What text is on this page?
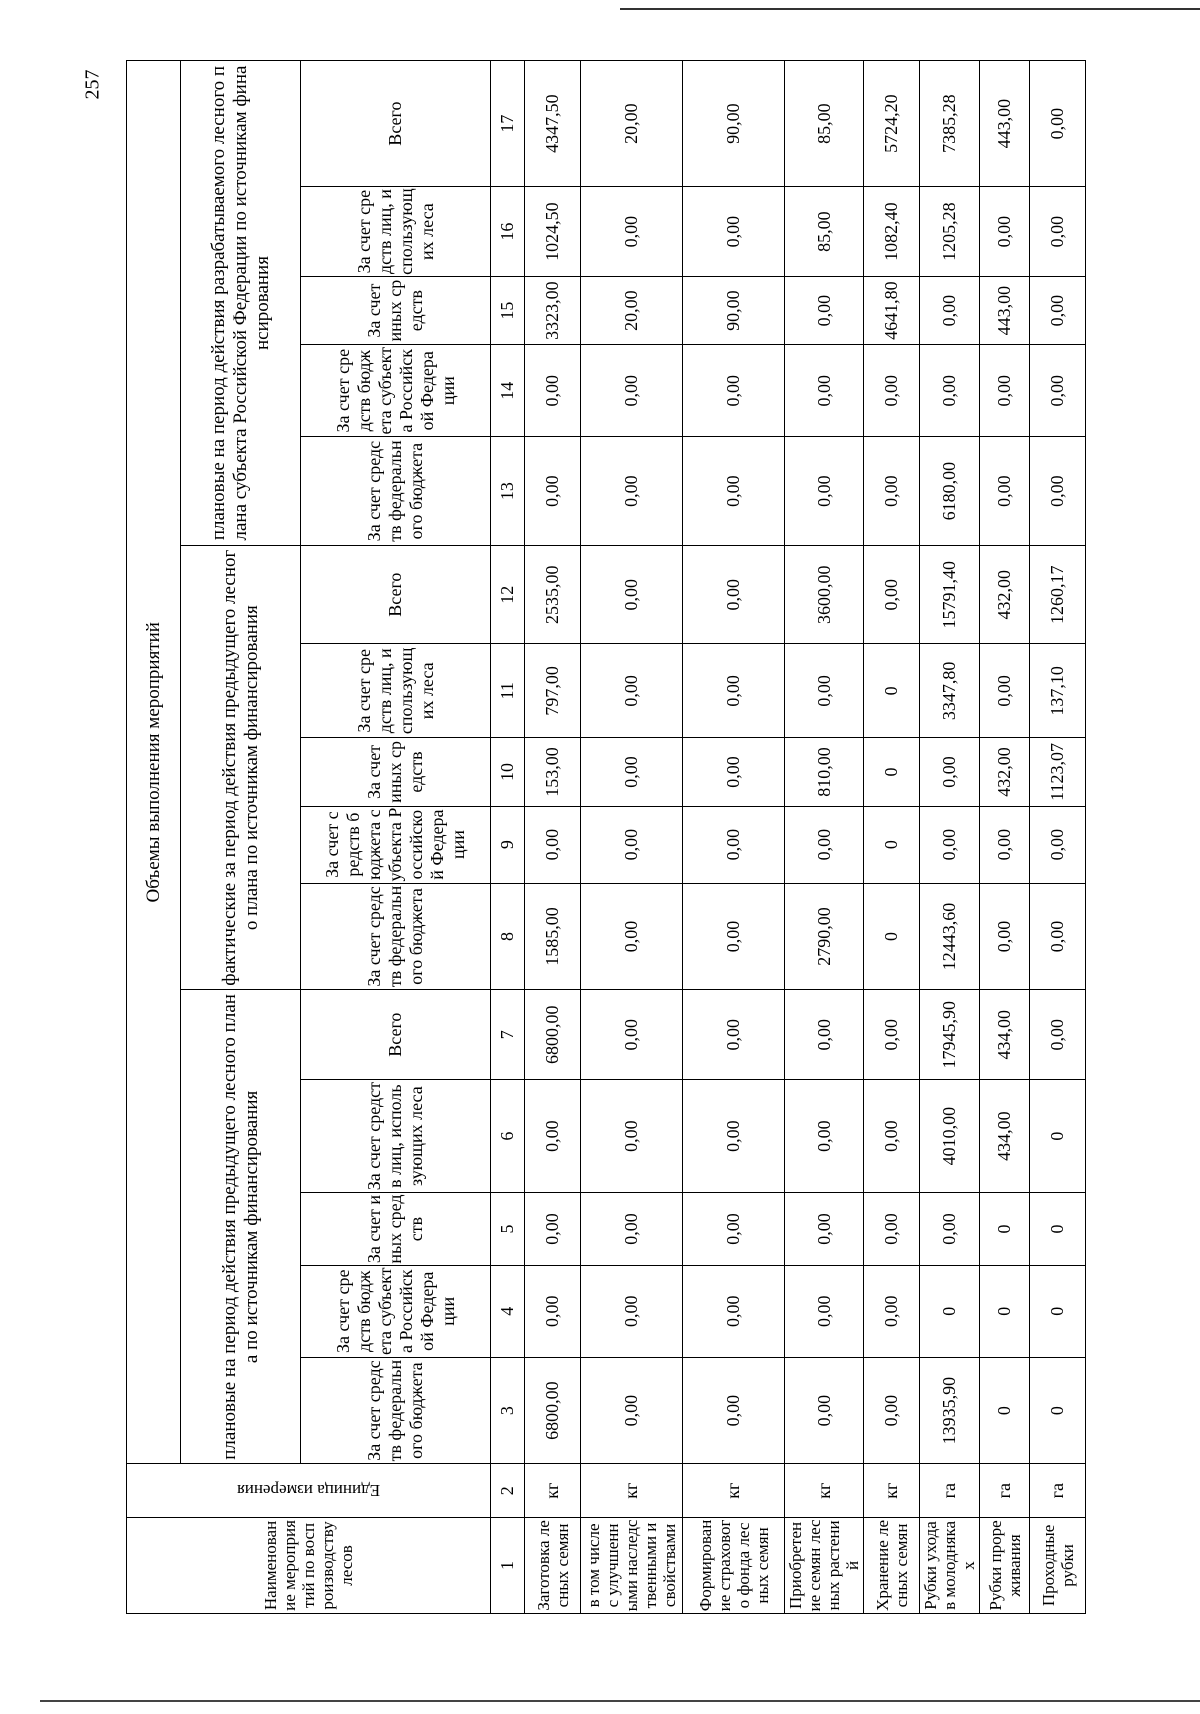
257
Наименование мероприятий по воспроизводству лесов	Единица измерения	Объемы выполнения мероприятий														
		плановые на период действия предыдущего лесного плана по источникам финансирования					фактические за период действия предыдущего лесного плана по источникам финансирования					плановые на период действия разрабатываемого лесного плана субъекта Российской Федерации по источникам финансирования				
		За счет средств федерального бюджета	За счет средств бюджета субъекта Российской Федерации	За счет иных средств	За счет средств лиц, использующих леса	Всего	За счет средств федерального бюджета	За счет средств бюджета субъекта Российской Федерации	За счет иных средств	За счет средств лиц, использующих леса	Всего	За счет средств федерального бюджета	За счет средств бюджета субъекта Российской Федерации	За счет иных средств	За счет средств лиц, использующих леса	Всего
1	2	3	4	5	6	7	8	9	10	11	12	13	14	15	16	17
Заготовка лесных семян	кг	6800,00	0,00	0,00	0,00	6800,00	1585,00	0,00	153,00	797,00	2535,00	0,00	0,00	3323,00	1024,50	4347,50
в том числе с улучшенными наследственными и свойствами	кг	0,00	0,00	0,00	0,00	0,00	0,00	0,00	0,00	0,00	0,00	0,00	0,00	20,00	0,00	20,00
Формирование страхового фонда лесных семян	кг	0,00	0,00	0,00	0,00	0,00	0,00	0,00	0,00	0,00	0,00	0,00	0,00	90,00	0,00	90,00
Приобретение семян лесных растений	кг	0,00	0,00	0,00	0,00	0,00	2790,00	0,00	810,00	0,00	3600,00	0,00	0,00	0,00	85,00	85,00
Хранение лесных семян	кг	0,00	0,00	0,00	0,00	0,00	0	0	0	0	0,00	0,00	0,00	4641,80	1082,40	5724,20
Рубки ухода в молодняках	га	13935,90	0	0,00	4010,00	17945,90	12443,60	0,00	0,00	3347,80	15791,40	6180,00	0,00	0,00	1205,28	7385,28
Рубки прореживания	га	0	0	0	434,00	434,00	0,00	0,00	432,00	0,00	432,00	0,00	0,00	443,00	0,00	443,00
Проходные рубки	га	0	0	0	0	0,00	0,00	0,00	1123,07	137,10	1260,17	0,00	0,00	0,00	0,00	0,00
